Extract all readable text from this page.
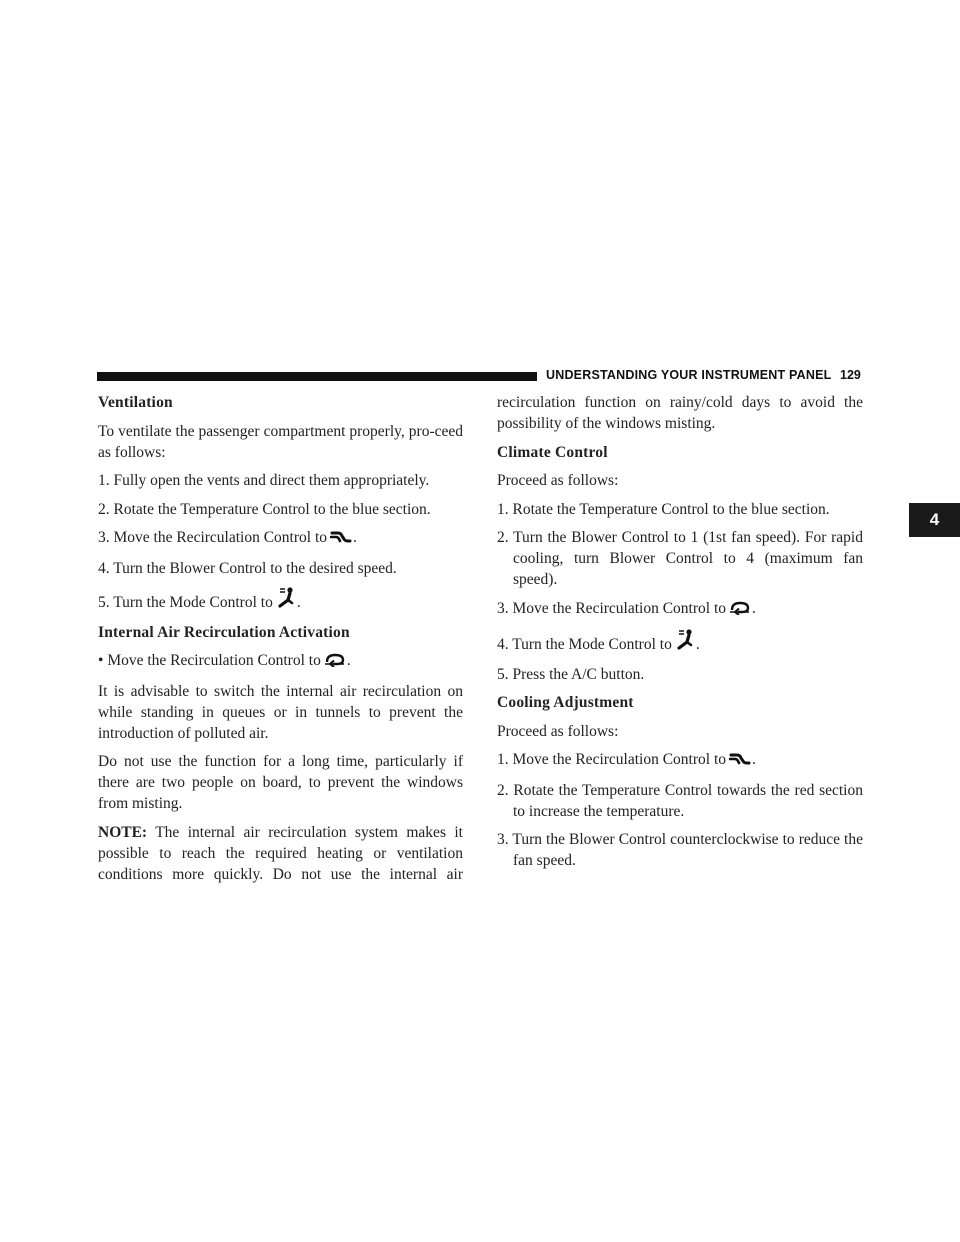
UNDERSTANDING YOUR INSTRUMENT PANEL 129
4

Ventilation

To ventilate the passenger compartment properly, pro-ceed as follows:

1. Fully open the vents and direct them appropriately.

2. Rotate the Temperature Control to the blue section.

3. Move the Recirculation Control to .

4. Turn the Blower Control to the desired speed.

5. Turn the Mode Control to .

Internal Air Recirculation Activation

• Move the Recirculation Control to .

It is advisable to switch the internal air recirculation on while standing in queues or in tunnels to prevent the introduction of polluted air.

Do not use the function for a long time, particularly if there are two people on board, to prevent the windows from misting.

NOTE: The internal air recirculation system makes it possible to reach the required heating or ventilation conditions more quickly. Do not use the internal air

recirculation function on rainy/cold days to avoid the possibility of the windows misting.

Climate Control

Proceed as follows:

1. Rotate the Temperature Control to the blue section.

2. Turn the Blower Control to 1 (1st fan speed). For rapid cooling, turn Blower Control to 4 (maximum fan speed).

3. Move the Recirculation Control to .

4. Turn the Mode Control to .

5. Press the A/C button.

Cooling Adjustment

Proceed as follows:

1. Move the Recirculation Control to .

2. Rotate the Temperature Control towards the red section to increase the temperature.

3. Turn the Blower Control counterclockwise to reduce the fan speed.
